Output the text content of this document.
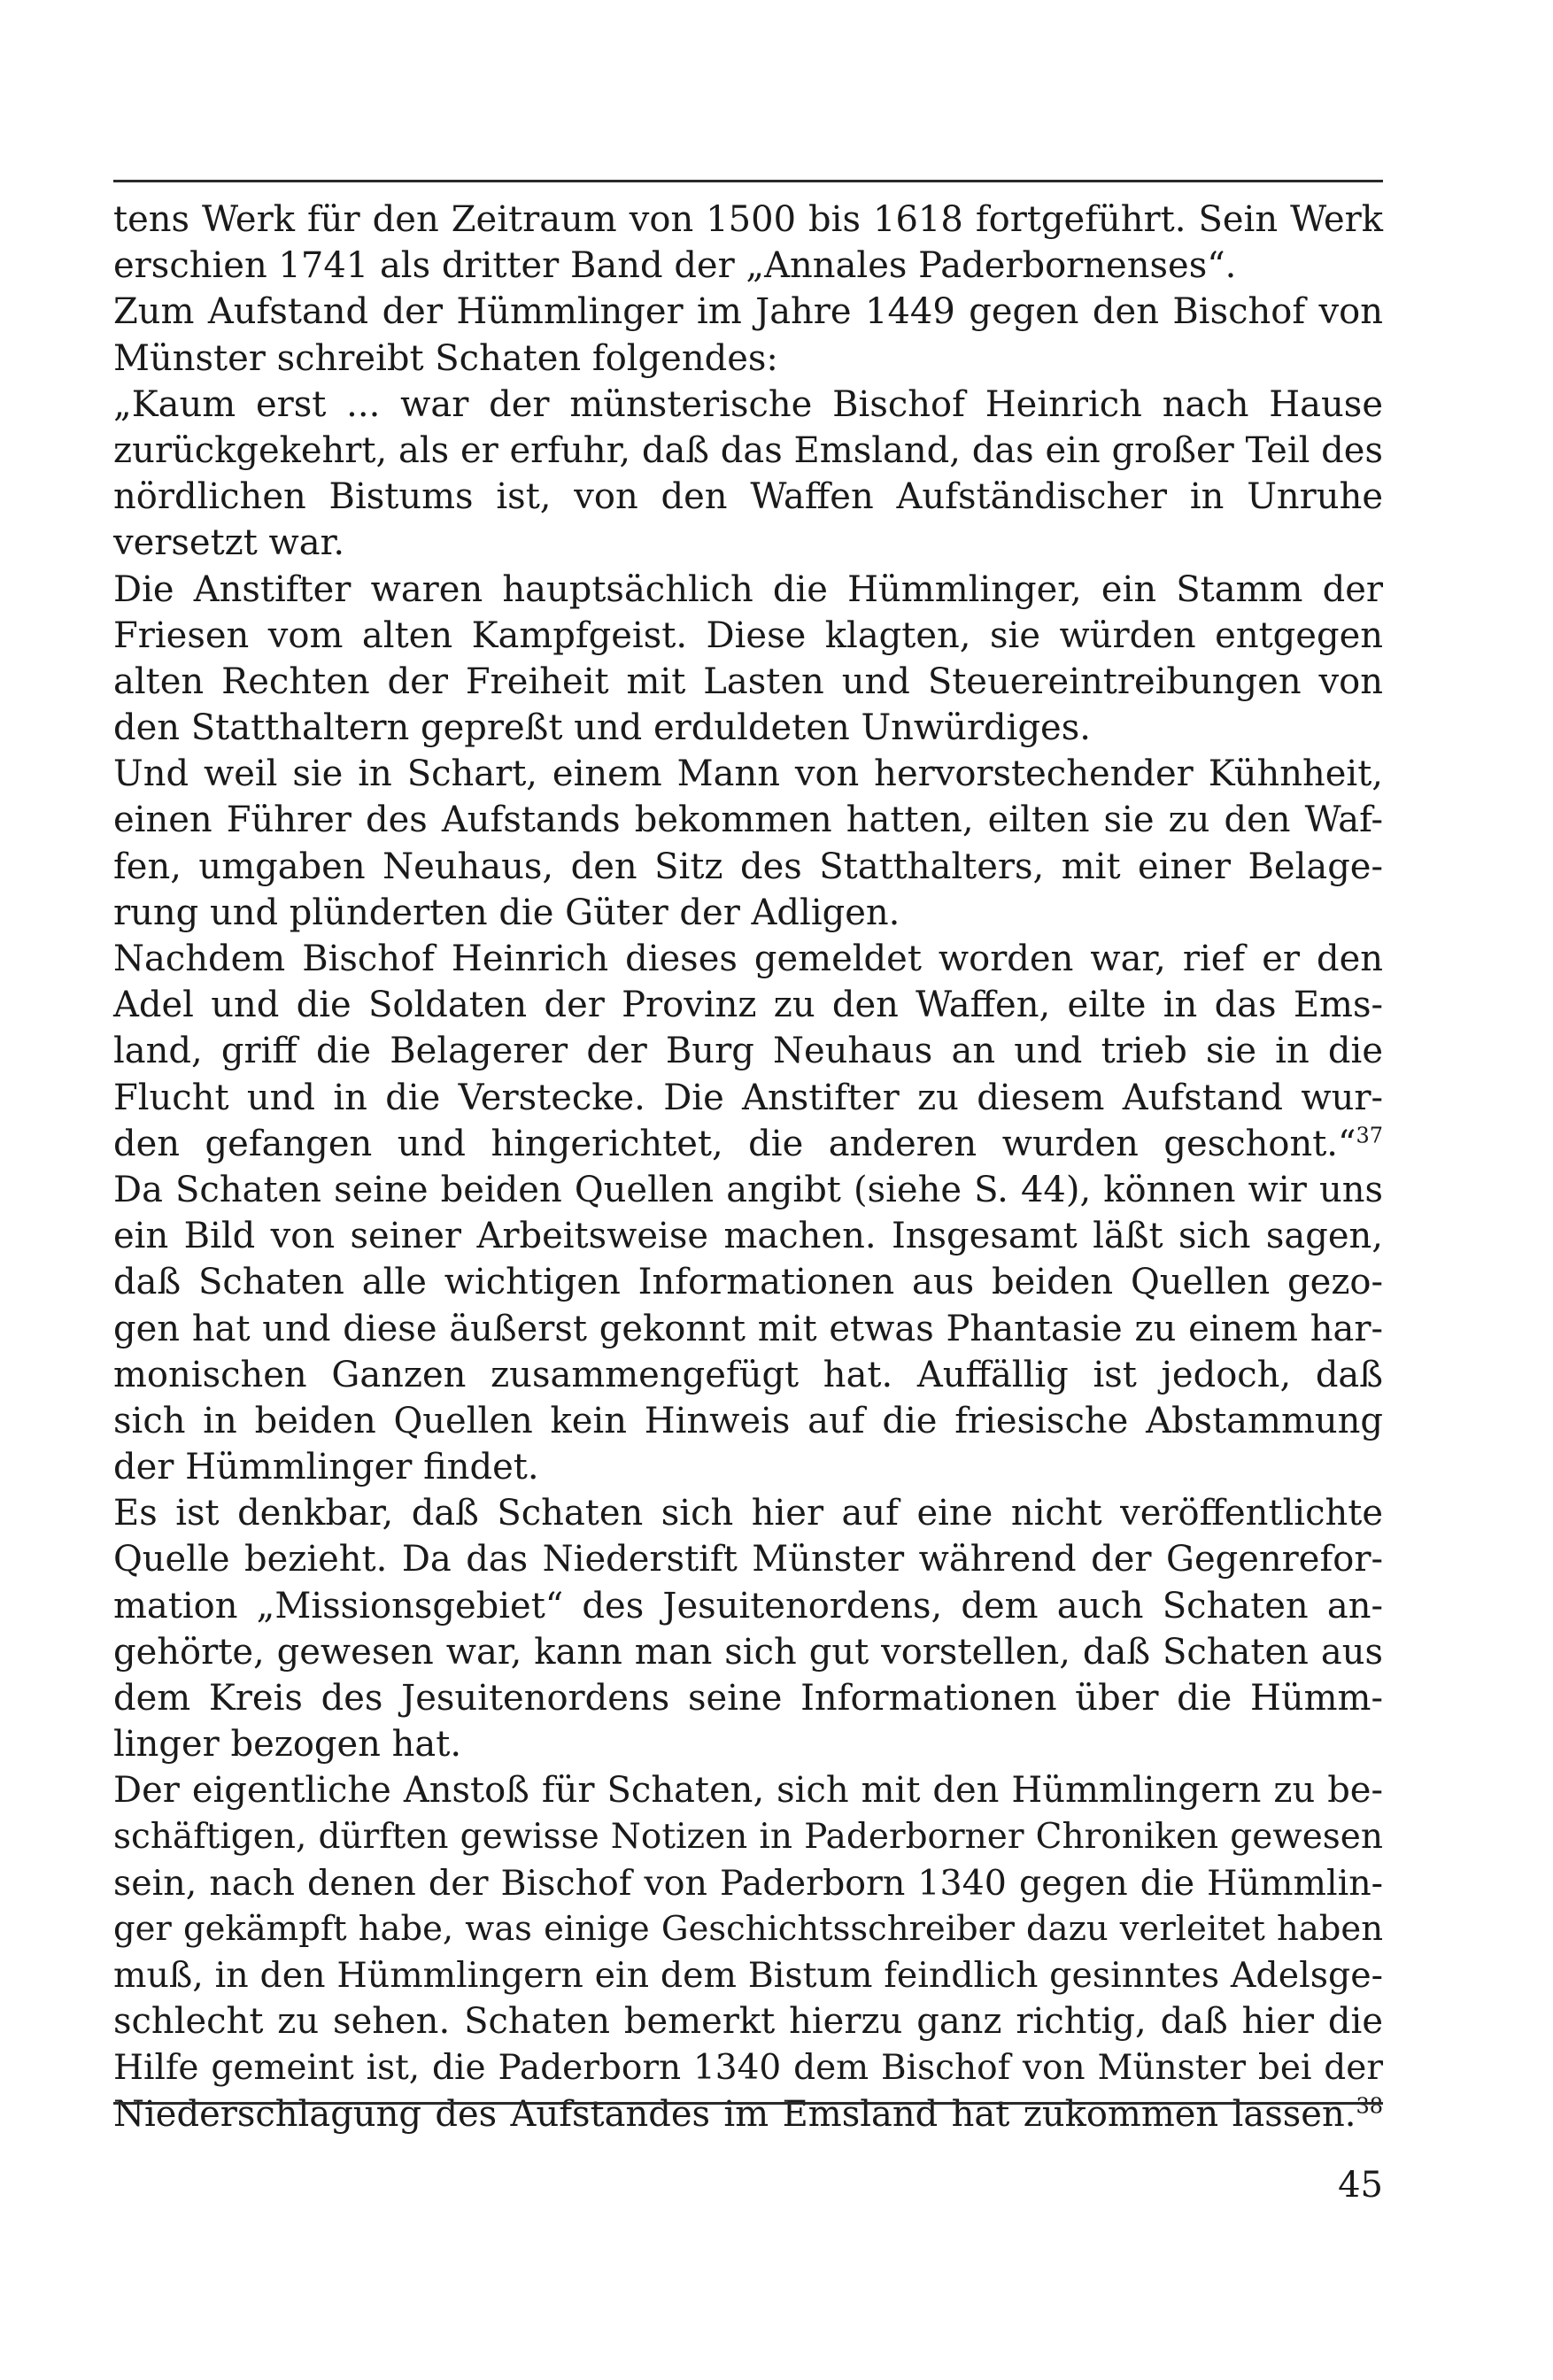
tens Werk für den Zeitraum von 1500 bis 1618 fortgeführt. Sein Werk
erschien 1741 als dritter Band der „Annales Paderbornenses“.
Zum Aufstand der Hümmlinger im Jahre 1449 gegen den Bischof von
Münster schreibt Schaten folgendes:
„Kaum erst ... war der münsterische Bischof Heinrich nach Hause
zurückgekehrt, als er erfuhr, daß das Emsland, das ein großer Teil des
nördlichen Bistums ist, von den Waffen Aufständischer in Unruhe
versetzt war.
Die Anstifter waren hauptsächlich die Hümmlinger, ein Stamm der
Friesen vom alten Kampfgeist. Diese klagten, sie würden entgegen
alten Rechten der Freiheit mit Lasten und Steuereintreibungen von
den Statthaltern gepreßt und erduldeten Unwürdiges.
Und weil sie in Schart, einem Mann von hervorstechender Kühnheit,
einen Führer des Aufstands bekommen hatten, eilten sie zu den Waf-
fen, umgaben Neuhaus, den Sitz des Statthalters, mit einer Belage-
rung und plünderten die Güter der Adligen.
Nachdem Bischof Heinrich dieses gemeldet worden war, rief er den
Adel und die Soldaten der Provinz zu den Waffen, eilte in das Ems-
land, griff die Belagerer der Burg Neuhaus an und trieb sie in die
Flucht und in die Verstecke. Die Anstifter zu diesem Aufstand wur-
den gefangen und hingerichtet, die anderen wurden geschont.“$^{37}$
Da Schaten seine beiden Quellen angibt (siehe S. 44), können wir uns
ein Bild von seiner Arbeitsweise machen. Insgesamt läßt sich sagen,
daß Schaten alle wichtigen Informationen aus beiden Quellen gezo-
gen hat und diese äußerst gekonnt mit etwas Phantasie zu einem har-
monischen Ganzen zusammengefügt hat. Auffällig ist jedoch, daß
sich in beiden Quellen kein Hinweis auf die friesische Abstammung
der Hümmlinger findet.
Es ist denkbar, daß Schaten sich hier auf eine nicht veröffentlichte
Quelle bezieht. Da das Niederstift Münster während der Gegenrefor-
mation „Missionsgebiet“ des Jesuitenordens, dem auch Schaten an-
gehörte, gewesen war, kann man sich gut vorstellen, daß Schaten aus
dem Kreis des Jesuitenordens seine Informationen über die Hümm-
linger bezogen hat.
Der eigentliche Anstoß für Schaten, sich mit den Hümmlingern zu be-
schäftigen, dürften gewisse Notizen in Paderborner Chroniken gewesen
sein, nach denen der Bischof von Paderborn 1340 gegen die Hümmlin-
ger gekämpft habe, was einige Geschichtsschreiber dazu verleitet haben
muß, in den Hümmlingern ein dem Bistum feindlich gesinntes Adelsge-
schlecht zu sehen. Schaten bemerkt hierzu ganz richtig, daß hier die
Hilfe gemeint ist, die Paderborn 1340 dem Bischof von Münster bei der
Niederschlagung des Aufstandes im Emsland hat zukommen lassen.$^{38}$
45
